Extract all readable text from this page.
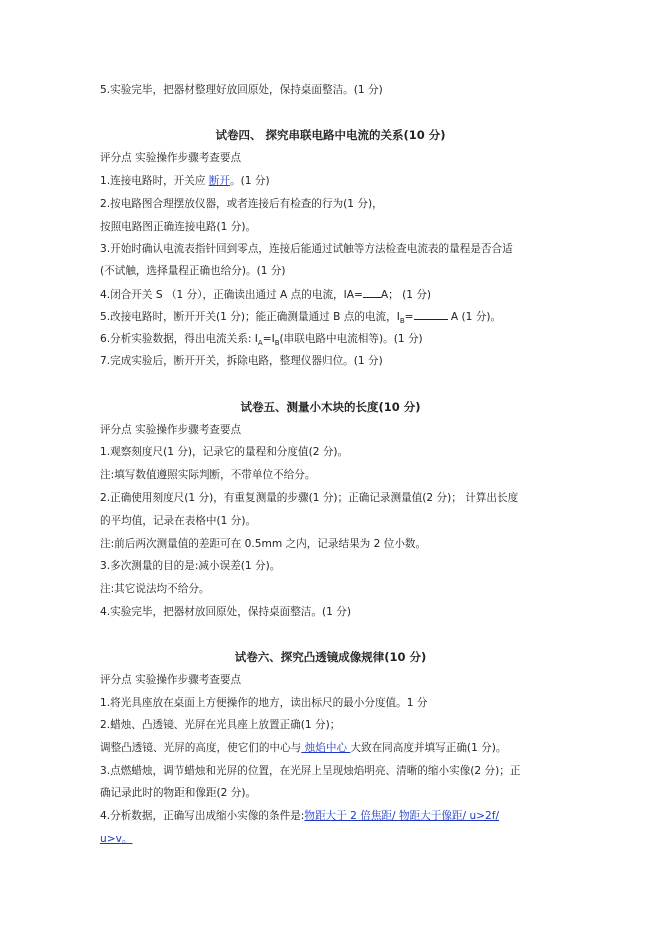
5.实验完毕，把器材整理好放回原处，保持桌面整洁。(1 分)
试卷四、 探究串联电路中电流的关系(10 分)
评分点 实验操作步骤考查要点
1.连接电路时，开关应 断开。(1 分)
2.按电路图合理摆放仪器，或者连接后有检查的行为(1 分)，
按照电路图正确连接电路(1 分)。
3.开始时确认电流表指针回到零点，连接后能通过试触等方法检查电流表的量程是否合适
(不试触，选择量程正确也给分)。(1 分)
4.闭合开关 S （1 分），正确读出通过 A 点的电流，IA= A； (1 分)
5.改接电路时，断开开关(1 分)；能正确测量通过 B 点的电流，$I_B=$	A (1 分)。
6.分析实验数据，得出电流关系: $I_A=I_B$(串联电路中电流相等)。(1 分)
7.完成实验后，断开开关，拆除电路，整理仪器归位。(1 分)
试卷五、测量小木块的长度(10 分)
评分点 实验操作步骤考查要点
1.观察刻度尺(1 分)，记录它的量程和分度值(2 分)。
注:填写数值遵照实际判断，不带单位不给分。
2.正确使用刻度尺(1 分)，有重复测量的步骤(1 分)；正确记录测量值(2 分)； 计算出长度
的平均值，记录在表格中(1 分)。
注:前后两次测量值的差距可在 0.5mm 之内，记录结果为 2 位小数。
3.多次测量的目的是:减小误差(1 分)。
注:其它说法均不给分。
4.实验完毕，把器材放回原处，保持桌面整洁。(1 分)
试卷六、探究凸透镜成像规律(10 分)
评分点 实验操作步骤考查要点
1.将光具座放在桌面上方便操作的地方，读出标尺的最小分度值。1 分
2.蜡烛、凸透镜、光屏在光具座上放置正确(1 分)；
调整凸透镜、光屏的高度，使它们的中心与 烛焰中心 大致在同高度并填写正确(1 分)。
3.点燃蜡烛，调节蜡烛和光屏的位置，在光屏上呈现烛焰明亮、清晰的缩小实像(2 分)；正
确记录此时的物距和像距(2 分)。
4.分析数据，正确写出成缩小实像的条件是:物距大于 2 倍焦距/ 物距大于像距/ u>2f/
u>v。
